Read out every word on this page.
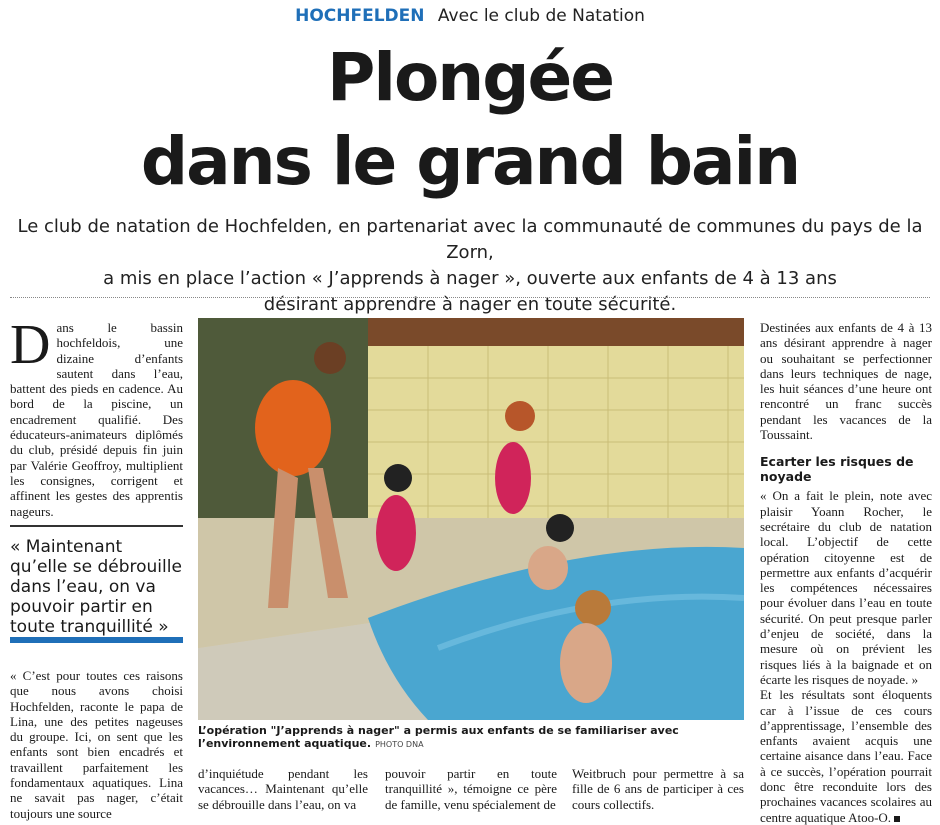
HOCHFELDEN Avec le club de Natation
Plongée
dans le grand bain

Le club de natation de Hochfelden, en partenariat avec la communauté de communes du pays de la Zorn,
a mis en place l’action « J’apprends à nager », ouverte aux enfants de 4 à 13 ans
désirant apprendre à nager en toute sécurité.

Dans le bassin hochfeldois, une dizaine d’enfants sautent dans l’eau, battent des pieds en cadence. Au bord de la piscine, un encadrement qualifié. Des éducateurs-animateurs diplômés du club, présidé depuis fin juin par Valérie Geoffroy, multiplient les consignes, corrigent et affinent les gestes des apprentis nageurs.

« Maintenant qu’elle se débrouille dans l’eau, on va pouvoir partir en toute tranquillité »

« C’est pour toutes ces raisons que nous avons choisi Hochfelden, raconte le papa de Lina, une des petites nageuses du groupe. Ici, on sent que les enfants sont bien encadrés et travaillent parfaitement les fondamentaux aquatiques. Lina ne savait pas nager, c’était toujours une source

L’opération "J’apprends à nager" a permis aux enfants de se familiariser avec l’environnement aquatique. PHOTO DNA

d’inquiétude pendant les vacances… Maintenant qu’elle se débrouille dans l’eau, on va
pouvoir partir en toute tranquillité », témoigne ce père de famille, venu spécialement de
Weitbruch pour permettre à sa fille de 6 ans de participer à ces cours collectifs.

Destinées aux enfants de 4 à 13 ans désirant apprendre à nager ou souhaitant se perfectionner dans leurs techniques de nage, les huit séances d’une heure ont rencontré un franc succès pendant les vacances de la Toussaint.

Ecarter les risques de noyade

« On a fait le plein, note avec plaisir Yoann Rocher, le secrétaire du club de natation local. L’objectif de cette opération citoyenne est de permettre aux enfants d’acquérir les compétences nécessaires pour évoluer dans l’eau en toute sécurité. On peut presque parler d’enjeu de société, dans la mesure où on prévient les risques liés à la baignade et on écarte les risques de noyade. »

Et les résultats sont éloquents car à l’issue de ces cours d’apprentissage, l’ensemble des enfants avaient acquis une certaine aisance dans l’eau. Face à ce succès, l’opération pourrait donc être reconduite lors des prochaines vacances scolaires au centre aquatique Atoo-O.
